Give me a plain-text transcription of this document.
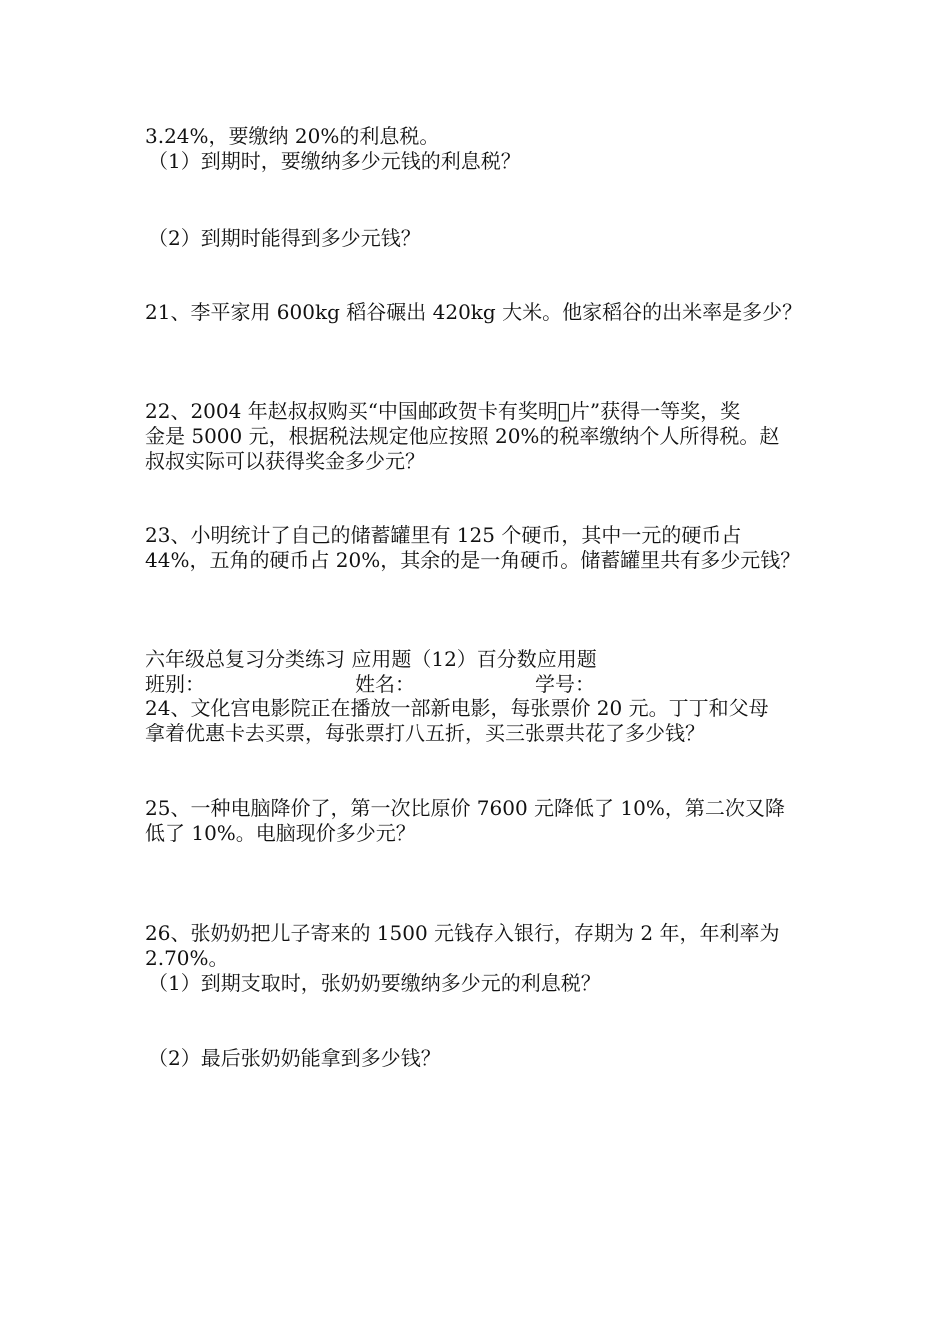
3.24%，要缴纳 20%的利息税。

（1）到期时，要缴纳多少元钱的利息税？

（2）到期时能得到多少元钱？

21、李平家用 600kg 稻谷碾出 420kg 大米。他家稻谷的出米率是多少？

22、2004 年赵叔叔购买“中国邮政贺卡有奖明𫃷片”获得一等奖，奖

金是 5000 元，根据税法规定他应按照 20%的税率缴纳个人所得税。赵

叔叔实际可以获得奖金多少元？

23、小明统计了自己的储蓄罐里有 125 个硬币，其中一元的硬币占

44%，五角的硬币占 20%，其余的是一角硬币。储蓄罐里共有多少元钱？

六年级总复习分类练习 应用题（12）百分数应用题

班别：	姓名：	学号：

24、文化宫电影院正在播放一部新电影，每张票价 20 元。丁丁和父母

拿着优惠卡去买票，每张票打八五折，买三张票共花了多少钱？

25、一种电脑降价了，第一次比原价 7600 元降低了 10%，第二次又降

低了 10%。电脑现价多少元？

26、张奶奶把儿子寄来的 1500 元钱存入银行，存期为 2 年，年利率为

2.70%。

（1）到期支取时，张奶奶要缴纳多少元的利息税？

（2）最后张奶奶能拿到多少钱？
